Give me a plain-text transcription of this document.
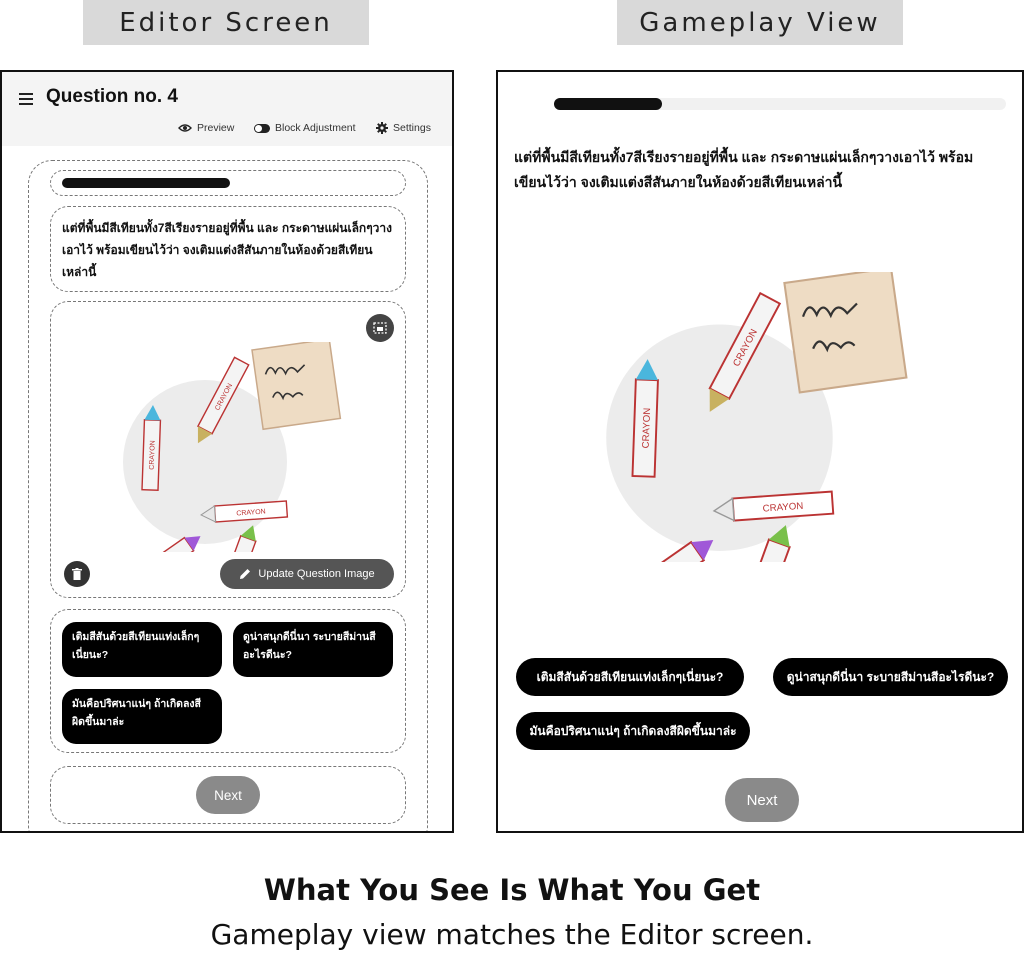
Editor Screen	Gameplay View
Question no. 4
Preview	Block Adjustment	Settings
แต่ที่พื้นมีสีเทียนทั้ง7สีเรียงรายอยู่ที่พื้น และ กระดาษแผ่นเล็กๆวางเอาไว้ พร้อมเขียนไว้ว่า จงเติมแต่งสีสันภายในห้องด้วยสีเทียนเหล่านี้
CRAYON
CRAYON
CRAYON
Update Question Image
เติมสีสันด้วยสีเทียนแท่งเล็กๆเนี่ยนะ?
ดูน่าสนุกดีนี่นา ระบายสีม่านสีอะไรดีนะ?
มันคือปริศนาแน่ๆ ถ้าเกิดลงสีผิดขึ้นมาล่ะ
Next
แต่ที่พื้นมีสีเทียนทั้ง7สีเรียงรายอยู่ที่พื้น และ กระดาษแผ่นเล็กๆวางเอาไว้ พร้อมเขียนไว้ว่า จงเติมแต่งสีสันภายในห้องด้วยสีเทียนเหล่านี้
CRAYON
CRAYON
CRAYON
เติมสีสันด้วยสีเทียนแท่งเล็กๆเนี่ยนะ?	ดูน่าสนุกดีนี่นา ระบายสีม่านสีอะไรดีนะ?
มันคือปริศนาแน่ๆ ถ้าเกิดลงสีผิดขึ้นมาล่ะ
Next
What You See Is What You Get
Gameplay view matches the Editor screen.
